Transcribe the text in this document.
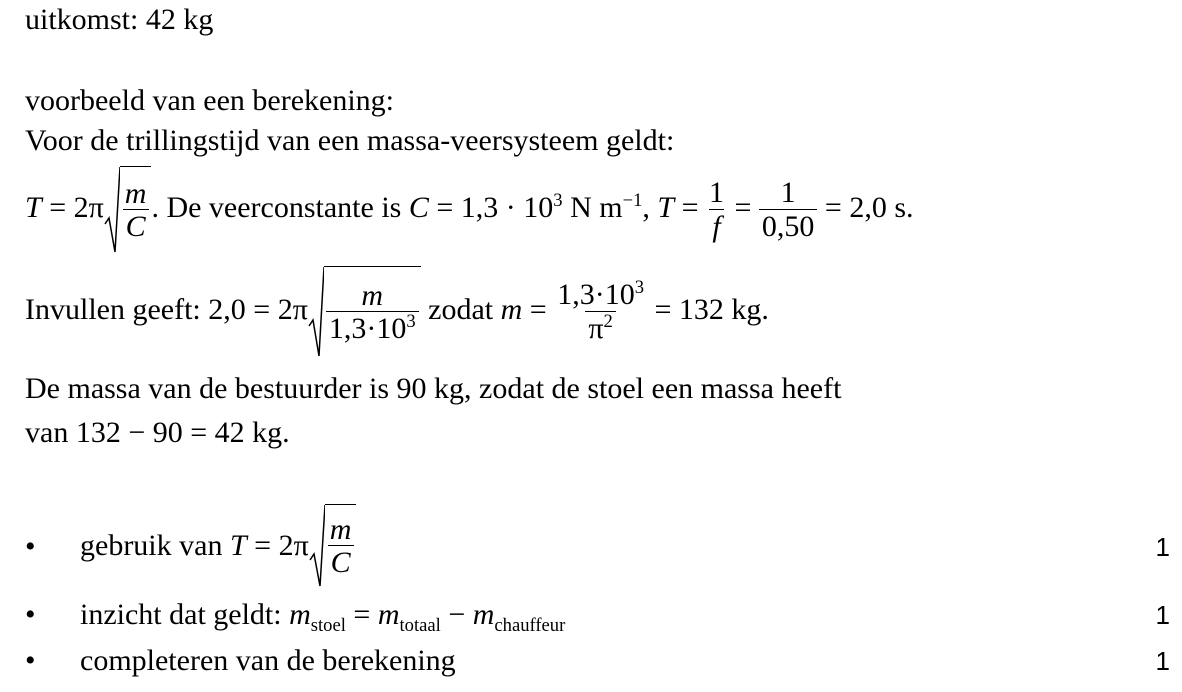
uitkomst: 42 kg
voorbeeld van een berekening:
Voor de trillingstijd van een massa-veersysteem geldt:
$T = 2\pi \frac{m}{C}$ . De veerconstante is $C = 1,3 \cdot 10^3$ N $m^{-1}$, $T = \frac{1}{f} = \frac{1}{0,50} = 2,0$ s.
Invullen geeft: $2,0 = 2\pi \frac{m}{1,3\cdot 10^3}$ zodat $m = \frac{1,3\cdot 10^3}{\pi^2} = 132$ kg.
De massa van de bestuurder is 90 kg, zodat de stoel een massa heeft
van 132 − 90 = 42 kg.
• gebruik van $T = 2\pi \frac{m}{C}$	1
• inzicht dat geldt: $m_{stoel} = m_{totaal} - m_{chauffeur}$	1
• completeren van de berekening	1
